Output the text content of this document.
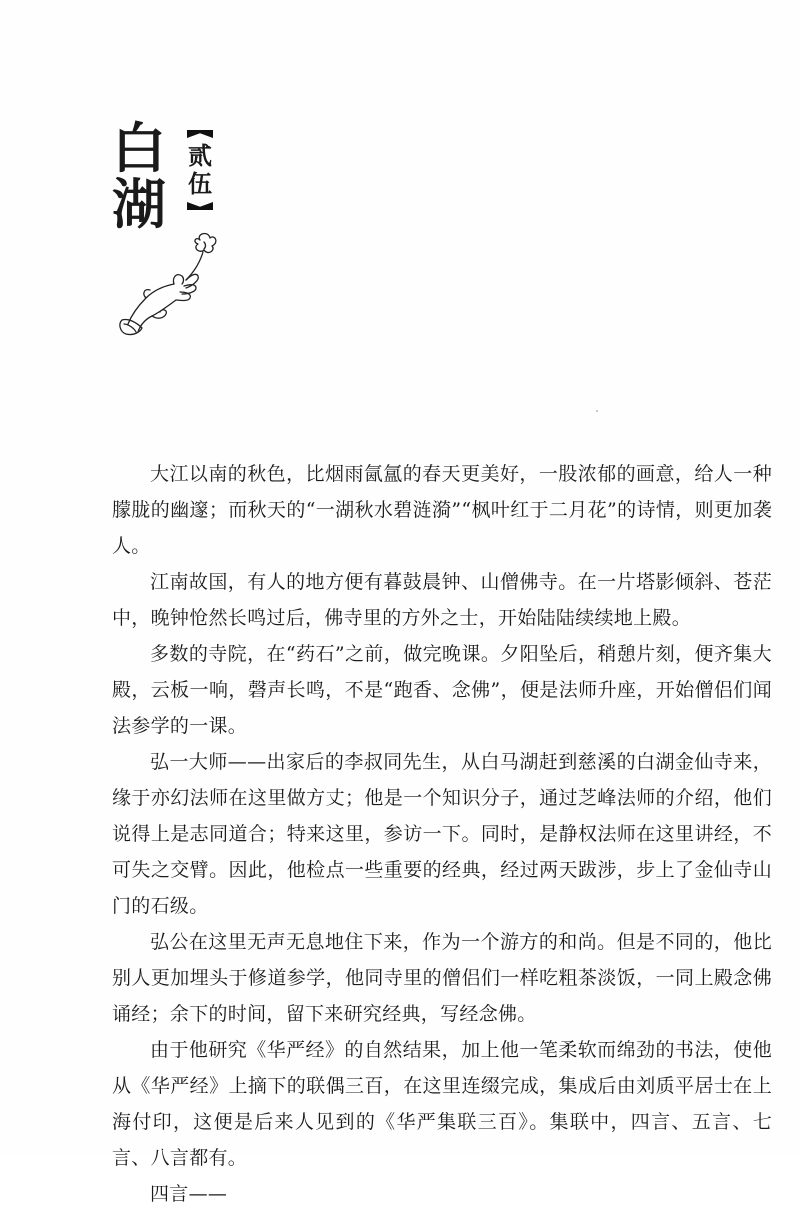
白
湖
贰
伍

大江以南的秋色，比烟雨氤氲的春天更美好，一股浓郁的画意，给人一种朦胧的幽邃；而秋天的“一湖秋水碧涟漪”“枫叶红于二月花”的诗情，则更加袭人。

江南故国，有人的地方便有暮鼓晨钟、山僧佛寺。在一片塔影倾斜、苍茫中，晚钟怆然长鸣过后，佛寺里的方外之士，开始陆陆续续地上殿。

多数的寺院，在“药石”之前，做完晚课。夕阳坠后，稍憩片刻，便齐集大殿，云板一响，磬声长鸣，不是“跑香、念佛”，便是法师升座，开始僧侣们闻法参学的一课。

弘一大师——出家后的李叔同先生，从白马湖赶到慈溪的白湖金仙寺来，缘于亦幻法师在这里做方丈；他是一个知识分子，通过芝峰法师的介绍，他们说得上是志同道合；特来这里，参访一下。同时，是静权法师在这里讲经，不可失之交臂。因此，他检点一些重要的经典，经过两天跋涉，步上了金仙寺山门的石级。

弘公在这里无声无息地住下来，作为一个游方的和尚。但是不同的，他比别人更加埋头于修道参学，他同寺里的僧侣们一样吃粗茶淡饭，一同上殿念佛诵经；余下的时间，留下来研究经典，写经念佛。

由于他研究《华严经》的自然结果，加上他一笔柔软而绵劲的书法，使他从《华严经》上摘下的联偶三百，在这里连缀完成，集成后由刘质平居士在上海付印，这便是后来人见到的《华严集联三百》。集联中，四言、五言、七言、八言都有。

四言——
